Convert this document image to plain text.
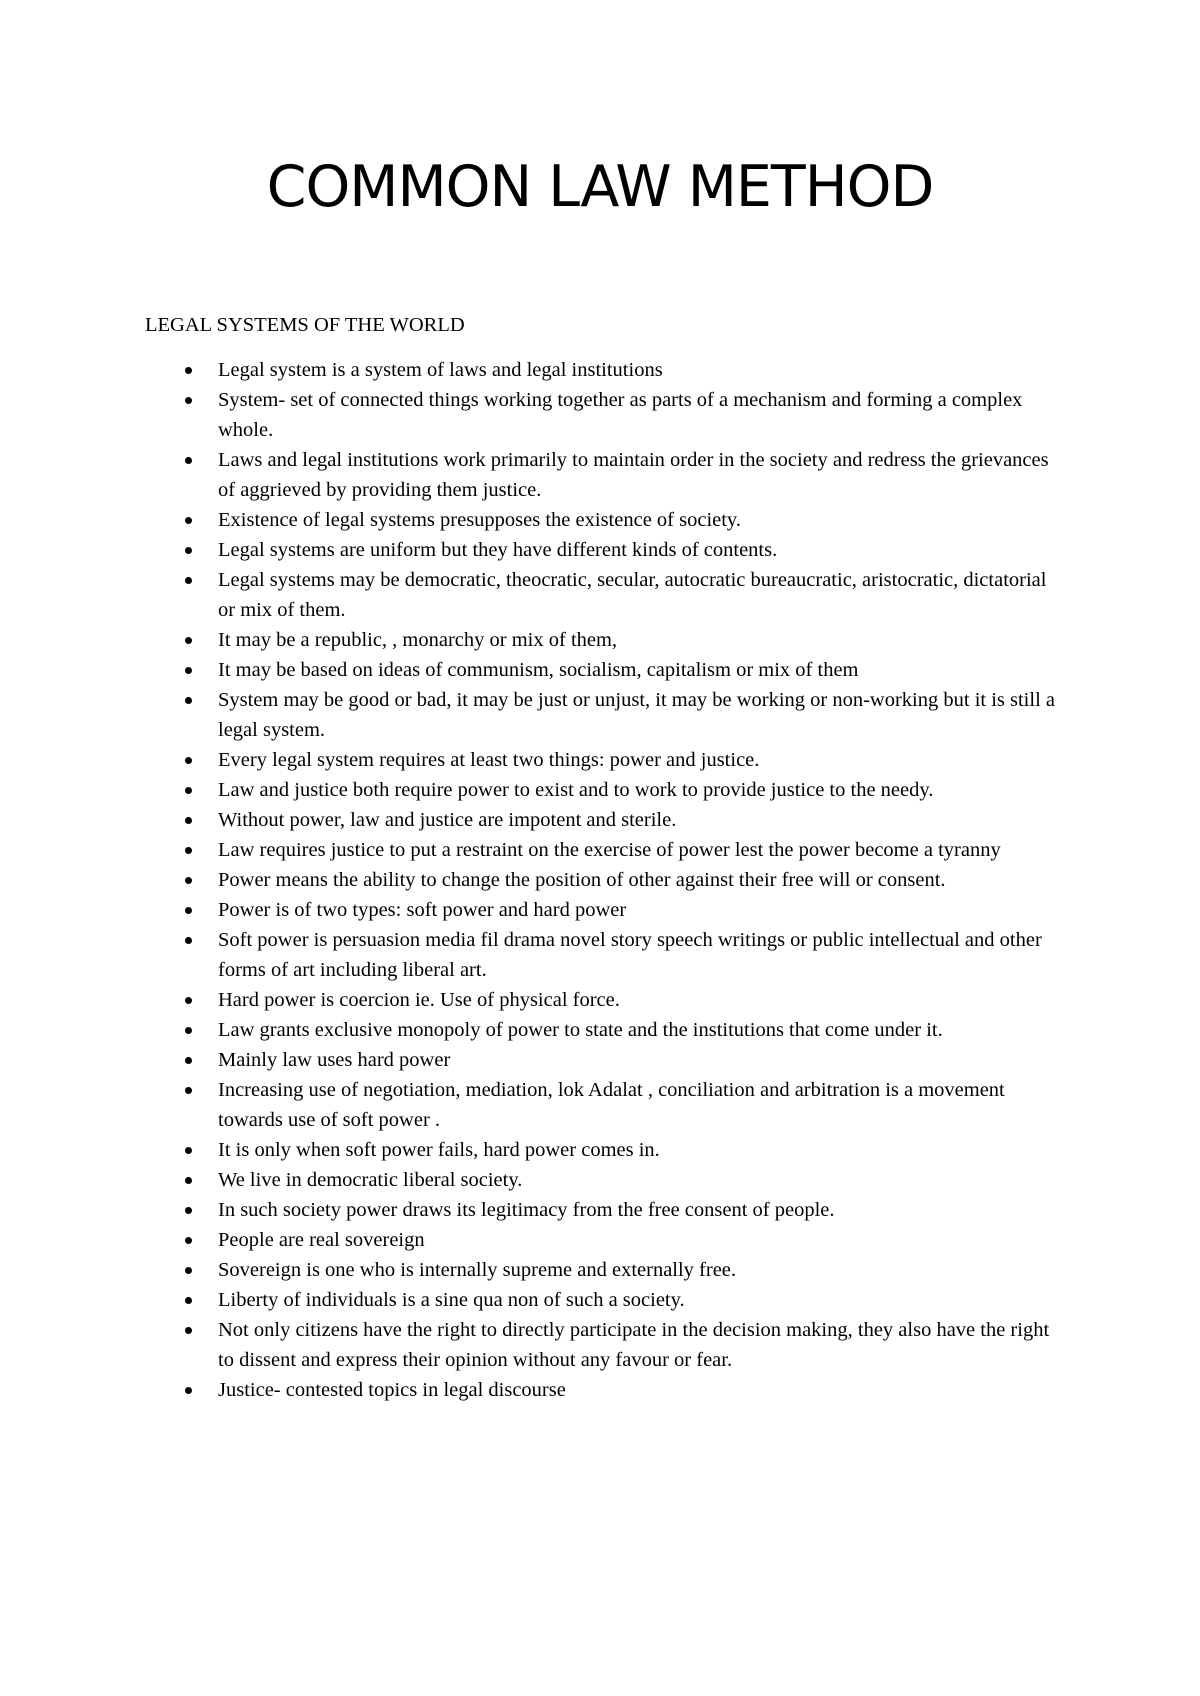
COMMON LAW METHOD

LEGAL SYSTEMS OF THE WORLD

Legal system is a system of laws and legal institutions
System- set of connected things working together as parts of a mechanism and forming a complex whole.
Laws and legal institutions work primarily to maintain order in the society and redress the grievances of aggrieved by providing them justice.
Existence of legal systems presupposes the existence of society.
Legal systems are uniform but they have different kinds of contents.
Legal systems may be democratic, theocratic, secular, autocratic bureaucratic, aristocratic, dictatorial or mix of them.
It may be a republic, , monarchy or mix of them,
It may be based on ideas of communism, socialism, capitalism or mix of them
System may be good or bad, it may be just or unjust, it may be working or non-working but it is still a legal system.
Every legal system requires at least two things: power and justice.
Law and justice both require power to exist and to work to provide justice to the needy.
Without power, law and justice are impotent and sterile.
Law requires justice to put a restraint on the exercise of power lest the power become a tyranny
Power means the ability to change the position of other against their free will or consent.
Power is of two types: soft power and hard power
Soft power is persuasion media fil drama novel story speech writings or public intellectual and other forms of art including liberal art.
Hard power is coercion ie. Use of physical force.
Law grants exclusive monopoly of power to state and the institutions that come under it.
Mainly law uses hard power
Increasing use of negotiation, mediation, lok Adalat , conciliation and arbitration is a movement towards use of soft power .
It is only when soft power fails, hard power comes in.
We live in democratic liberal society.
In such society power draws its legitimacy from the free consent of people.
People are real sovereign
Sovereign is one who is internally supreme and externally free.
Liberty of individuals is a sine qua non of such a society.
Not only citizens have the right to directly participate in the decision making, they also have the right to dissent and express their opinion without any favour or fear.
Justice- contested topics in legal discourse
